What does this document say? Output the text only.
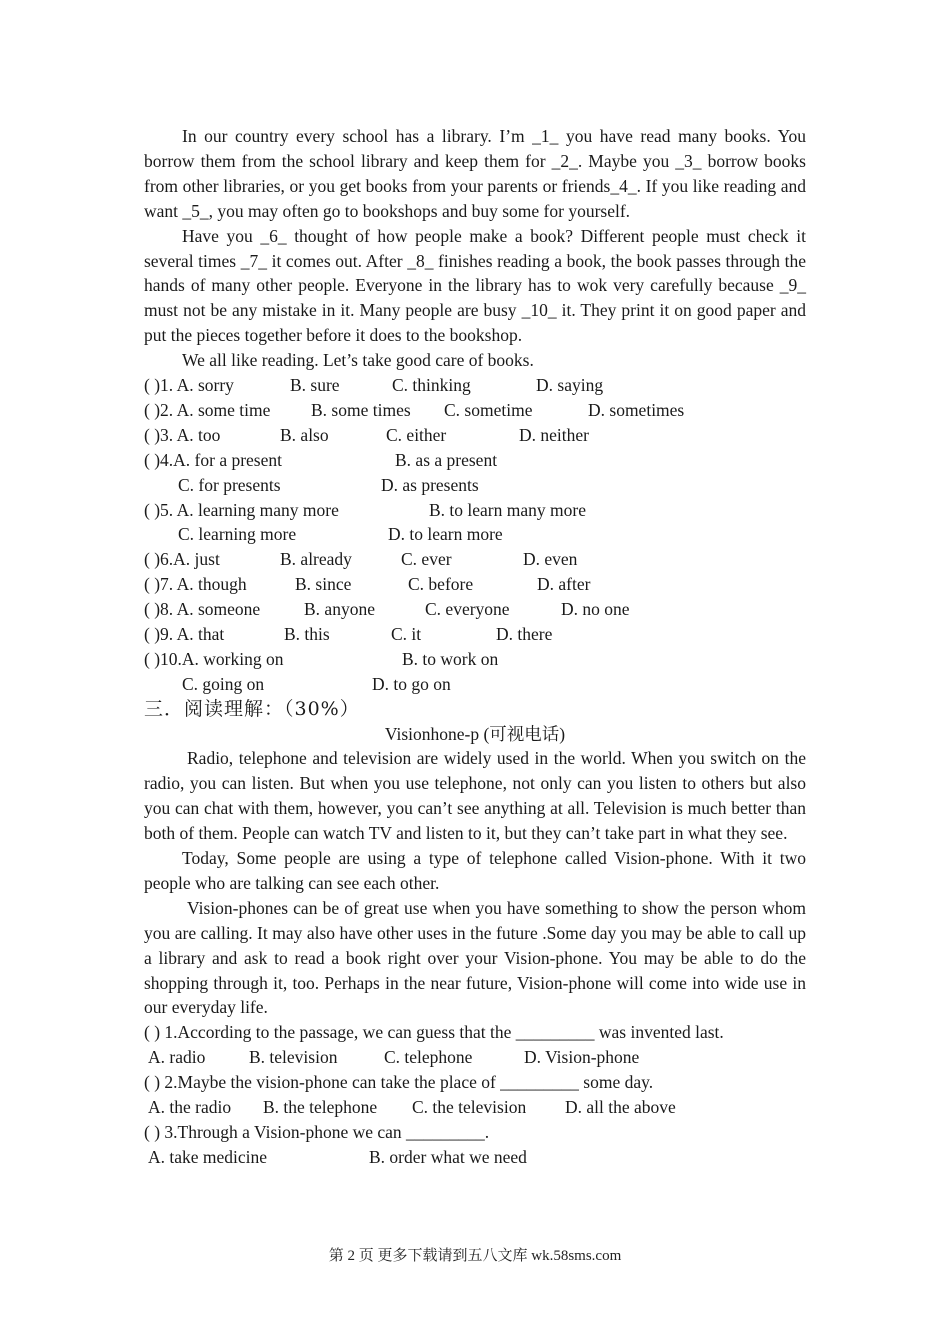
In our country every school has a library. I’m _1_ you have read many books. You borrow them from the school library and keep them for _2_. Maybe you _3_ borrow books from other libraries, or you get books from your parents or friends_4_. If you like reading and want _5_, you may often go to bookshops and buy some for yourself.

Have you _6_ thought of how people make a book? Different people must check it several times _7_ it comes out. After _8_ finishes reading a book, the book passes through the hands of many other people. Everyone in the library has to wok very carefully because _9_ must not be any mistake in it. Many people are busy _10_ it. They print it on good paper and put the pieces together before it does to the bookshop.

We all like reading. Let’s take good care of books.

( )1. A. sorry	B. sure	C. thinking	D. saying
( )2. A. some time B. some times C. sometime	D. sometimes
( )3. A. too	B. also	C. either	D. neither
( )4.A. for a present	B. as a present
C. for presents	D. as presents
( )5. A. learning many more	B. to learn many more
C. learning more	D. to learn more
( )6.A. just	B. already	C. ever	D. even
( )7. A. though	B. since	C. before	D. after
( )8. A. someone	B. anyone	C. everyone	D. no one
( )9. A. that	B. this	C. it	D. there
( )10.A. working on	B. to work on
C. going on	D. to go on
三．阅读理解：（30%）
Visionhone-p (可视电话)

Radio, telephone and television are widely used in the world. When you switch on the radio, you can listen. But when you use telephone, not only can you listen to others but also you can chat with them, however, you can’t see anything at all. Television is much better than both of them. People can watch TV and listen to it, but they can’t take part in what they see.

Today, Some people are using a type of telephone called Vision-phone. With it two people who are talking can see each other.

Vision-phones can be of great use when you have something to show the person whom you are calling. It may also have other uses in the future .Some day you may be able to call up a library and ask to read a book right over your Vision-phone. You may be able to do the shopping through it, too. Perhaps in the near future, Vision-phone will come into wide use in our everyday life.

( ) 1.According to the passage, we can guess that the _________ was invented last.
A. radio B. television	C. telephone	D. Vision-phone
( ) 2.Maybe the vision-phone can take the place of _________ some day.
A. the radio B. the telephone C. the television D. all the above
( ) 3.Through a Vision-phone we can _________.
A. take medicine	B. order what we need
第 2 页 更多下载请到五八文库 wk.58sms.com
